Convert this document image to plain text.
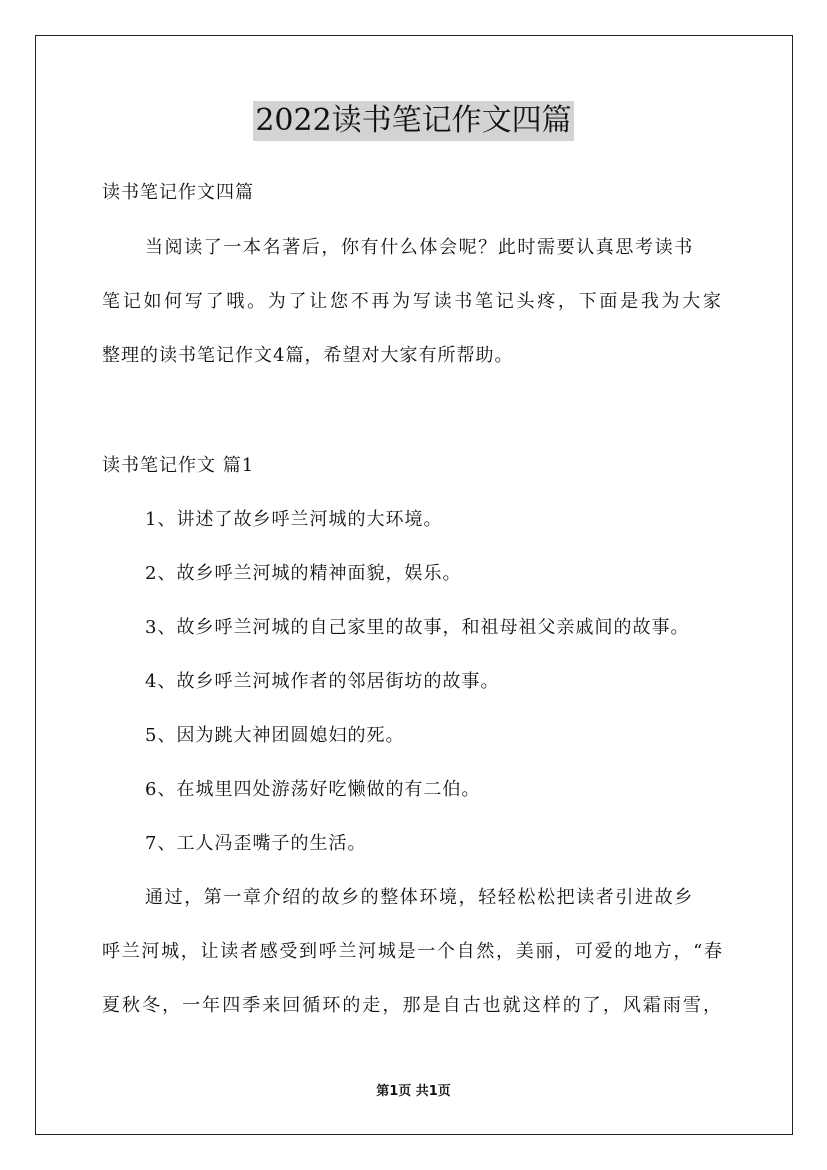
2022读书笔记作文四篇
读书笔记作文四篇
当阅读了一本名著后，你有什么体会呢？此时需要认真思考读书
笔记如何写了哦。为了让您不再为写读书笔记头疼，下面是我为大家
整理的读书笔记作文4篇，希望对大家有所帮助。
读书笔记作文 篇1
1、讲述了故乡呼兰河城的大环境。
2、故乡呼兰河城的精神面貌，娱乐。
3、故乡呼兰河城的自己家里的故事，和祖母祖父亲戚间的故事。
4、故乡呼兰河城作者的邻居街坊的故事。
5、因为跳大神团圆媳妇的死。
6、在城里四处游荡好吃懒做的有二伯。
7、工人冯歪嘴子的生活。
通过，第一章介绍的故乡的整体环境，轻轻松松把读者引进故乡
呼兰河城，让读者感受到呼兰河城是一个自然，美丽，可爱的地方，“春
夏秋冬，一年四季来回循环的走，那是自古也就这样的了，风霜雨雪，
第1页 共1页
